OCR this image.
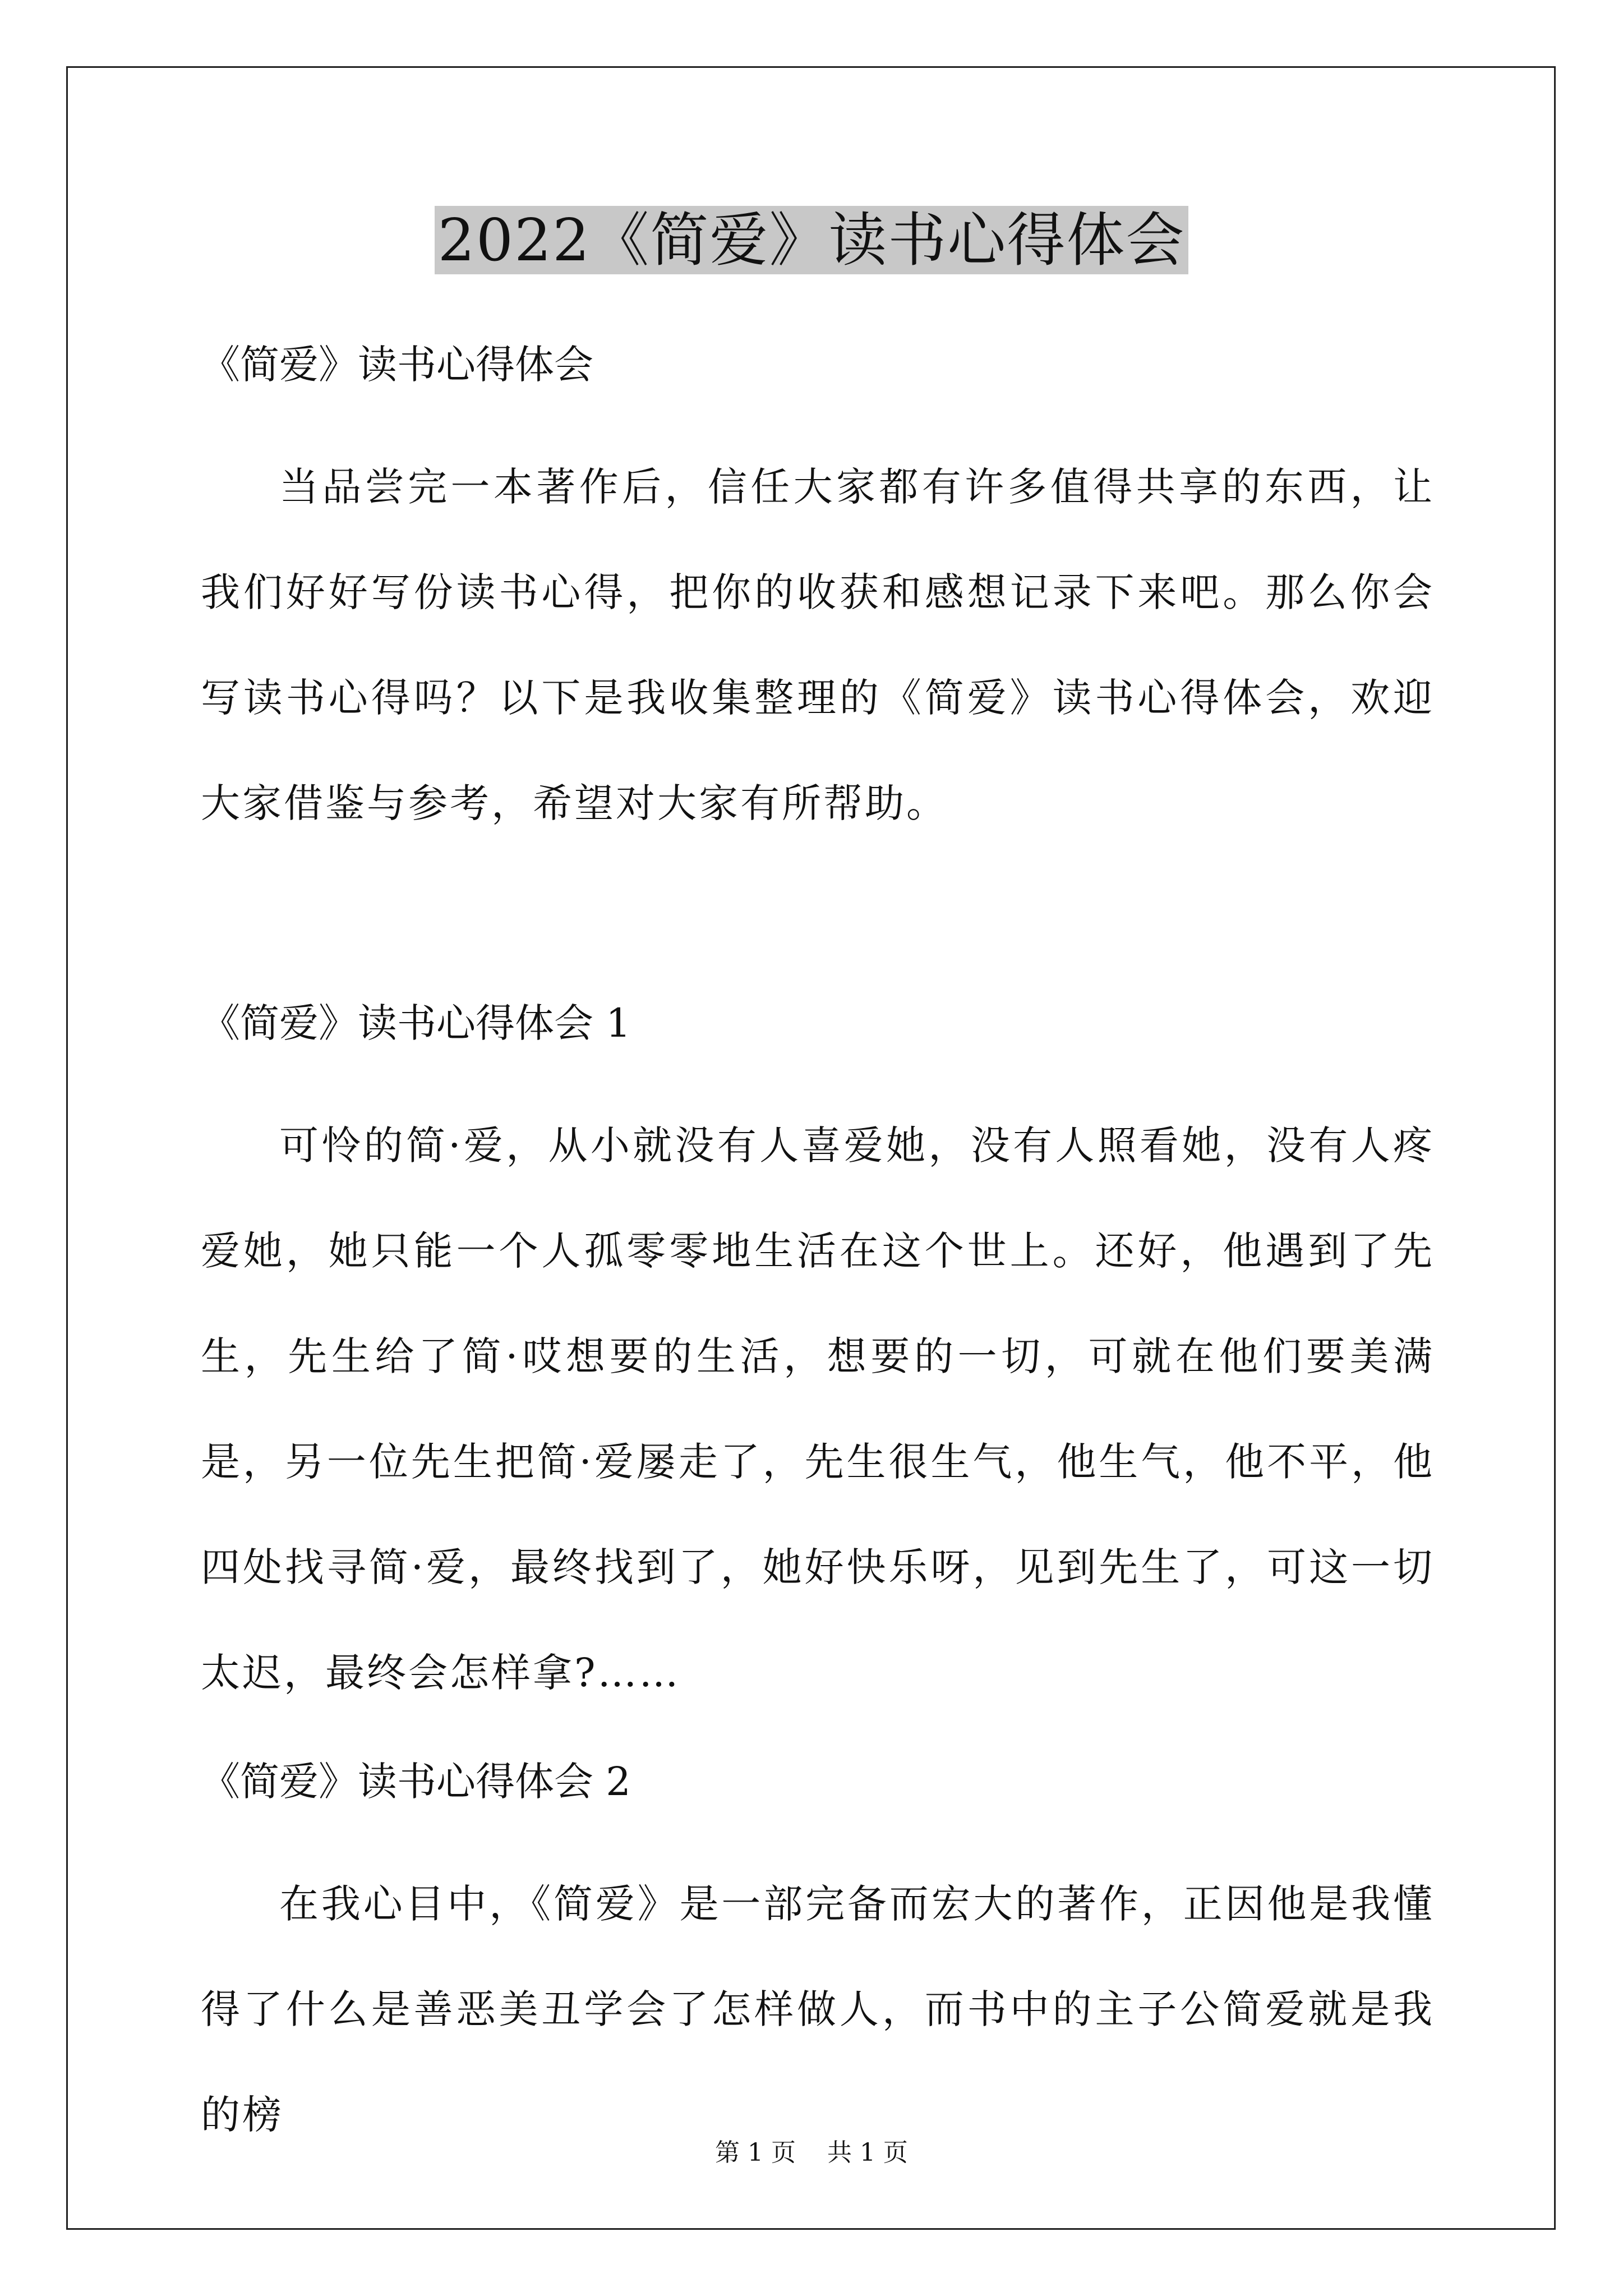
2022《简爱》读书心得体会
《简爱》读书心得体会

当品尝完一本著作后，信任大家都有许多值得共享的东西，让我们好好写份读书心得，把你的收获和感想记录下来吧。那么你会写读书心得吗？以下是我收集整理的《简爱》读书心得体会，欢迎大家借鉴与参考，希望对大家有所帮助。

《简爱》读书心得体会 1

可怜的简·爱，从小就没有人喜爱她，没有人照看她，没有人疼爱她，她只能一个人孤零零地生活在这个世上。还好，他遇到了先生，先生给了简·哎想要的生活，想要的一切，可就在他们要美满是，另一位先生把简·爱屡走了，先生很生气，他生气，他不平，他四处找寻简·爱，最终找到了，她好快乐呀，见到先生了，可这一切太迟，最终会怎样拿?……

《简爱》读书心得体会 2

在我心目中，《简爱》是一部完备而宏大的著作，正因他是我懂得了什么是善恶美丑学会了怎样做人，而书中的主子公简爱就是我的榜

第 1 页    共 1 页
